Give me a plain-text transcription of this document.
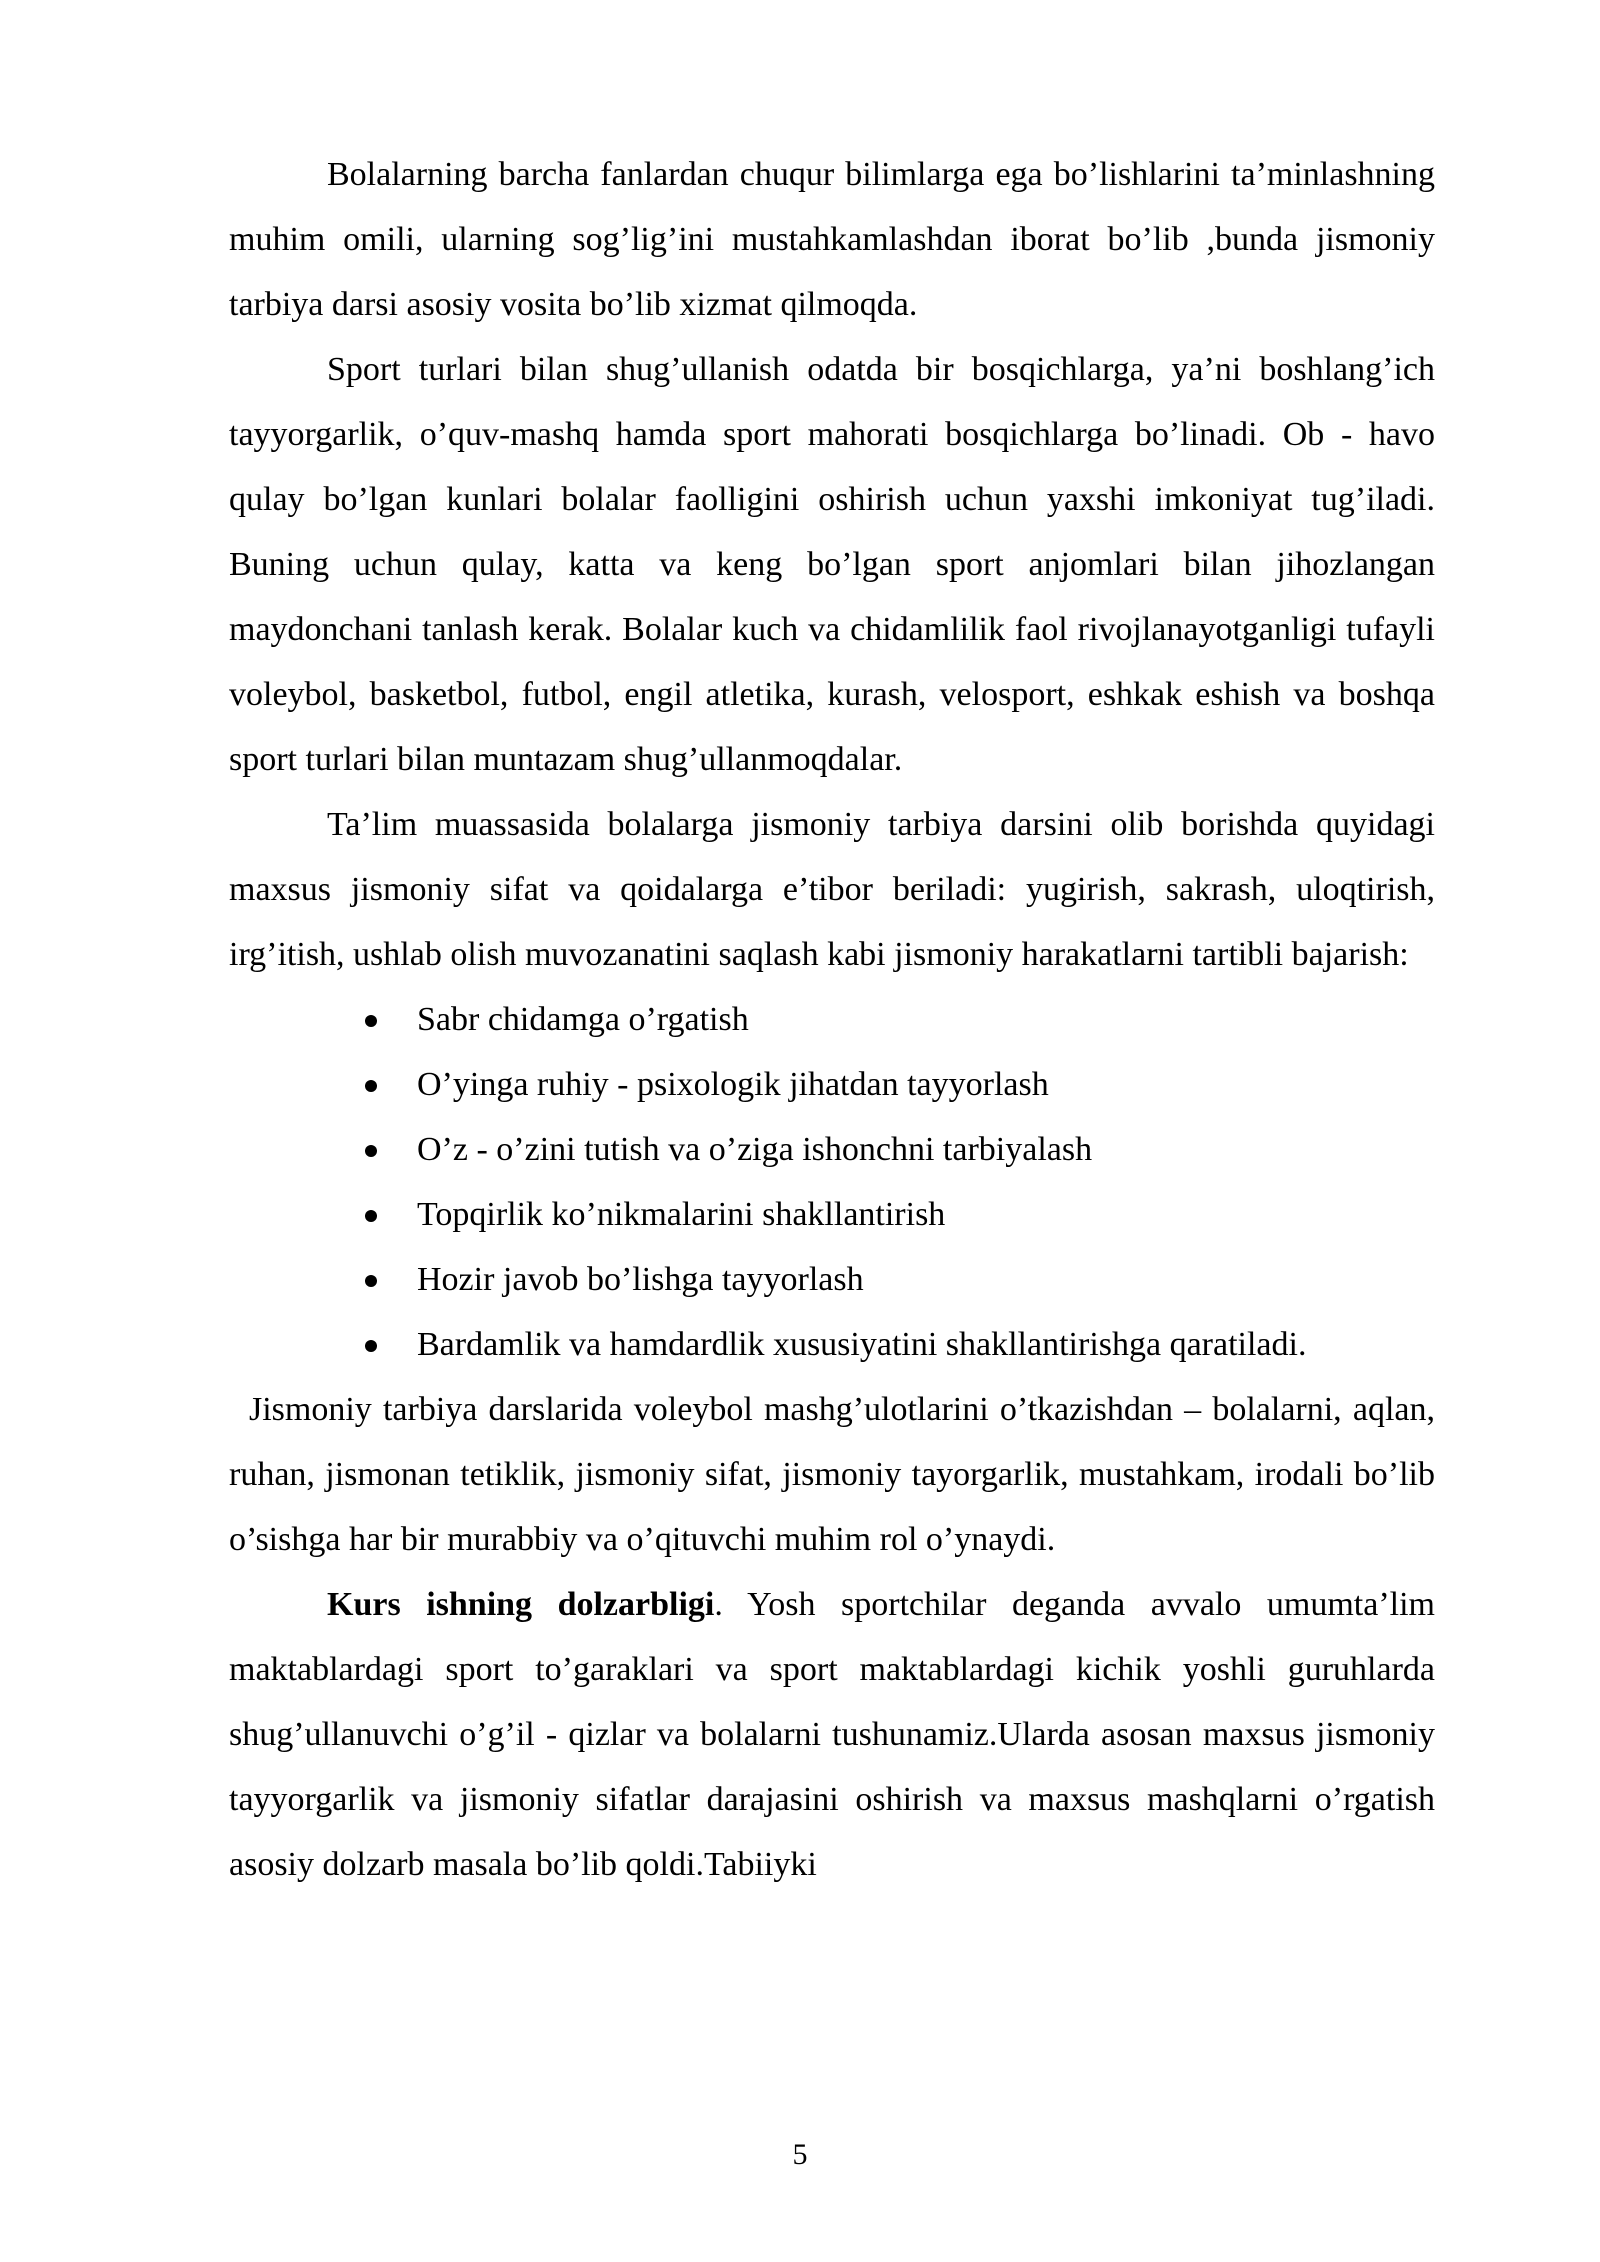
Bolalarning barcha fanlardan chuqur bilimlarga ega bo’lishlarini ta’minlashning muhim omili, ularning sog’lig’ini mustahkamlashdan iborat bo’lib ,bunda jismoniy tarbiya darsi asosiy vosita bo’lib xizmat qilmoqda.

Sport turlari bilan shug’ullanish odatda bir bosqichlarga, ya’ni boshlang’ich tayyorgarlik, o’quv-mashq hamda sport mahorati bosqichlarga bo’linadi. Ob - havo qulay bo’lgan kunlari bolalar faolligini oshirish uchun yaxshi imkoniyat tug’iladi. Buning uchun qulay, katta va keng bo’lgan sport anjomlari bilan jihozlangan maydonchani tanlash kerak. Bolalar kuch va chidamlilik faol rivojlanayotganligi tufayli voleybol, basketbol, futbol, engil atletika, kurash, velosport, eshkak eshish va boshqa sport turlari bilan muntazam shug’ullanmoqdalar.

Ta’lim muassasida bolalarga jismoniy tarbiya darsini olib borishda quyidagi maxsus jismoniy sifat va qoidalarga e’tibor beriladi: yugirish, sakrash, uloqtirish, irg’itish, ushlab olish muvozanatini saqlash kabi jismoniy harakatlarni tartibli bajarish:

Sabr chidamga o’rgatish
O’yinga ruhiy - psixologik jihatdan tayyorlash
O’z - o’zini tutish va o’ziga ishonchni tarbiyalash
Topqirlik ko’nikmalarini shakllantirish
Hozir javob bo’lishga tayyorlash
Bardamlik va hamdardlik xususiyatini shakllantirishga qaratiladi.

Jismoniy tarbiya darslarida voleybol mashg’ulotlarini o’tkazishdan – bolalarni, aqlan, ruhan, jismonan tetiklik, jismoniy sifat, jismoniy tayorgarlik, mustahkam, irodali bo’lib o’sishga har bir murabbiy va o’qituvchi muhim rol o’ynaydi.

Kurs ishning dolzarbligi. Yosh sportchilar deganda avvalo umumta’lim maktablardagi sport to’garaklari va sport maktablardagi kichik yoshli guruhlarda shug’ullanuvchi o’g’il - qizlar va bolalarni tushunamiz.Ularda asosan maxsus jismoniy tayyorgarlik va jismoniy sifatlar darajasini oshirish va maxsus mashqlarni o’rgatish asosiy dolzarb masala bo’lib qoldi.Tabiiyki

5
